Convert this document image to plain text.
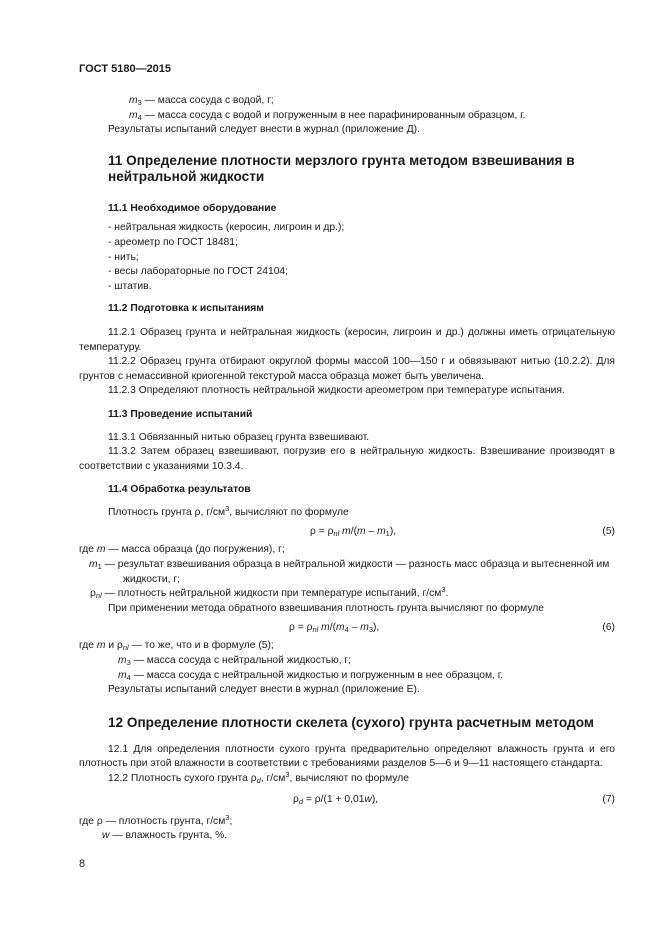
ГОСТ 5180—2015

$m_3$ — масса сосуда с водой, г;

$m_4$ — масса сосуда с водой и погруженным в нее парафинированным образцом, г.

Результаты испытаний следует внести в журнал (приложение Д).

11 Определение плотности мерзлого грунта методом взвешивания в нейтральной жидкости
11.1 Необходимое оборудование

- нейтральная жидкость (керосин, лигроин и др.);

- ареометр по ГОСТ 18481;

- нить;

- весы лабораторные по ГОСТ 24104;

- штатив.

11.2 Подготовка к испытаниям

11.2.1 Образец грунта и нейтральная жидкость (керосин, лигроин и др.) должны иметь отрицательную температуру.

11.2.2 Образец грунта отбирают округлой формы массой 100—150 г и обвязывают нитью (10.2.2). Для грунтов с немассивной криогенной текстурой масса образца может быть увеличена.

11.2.3 Определяют плотность нейтральной жидкости ареометром при температуре испытания.

11.3 Проведение испытаний

11.3.1 Обвязанный нитью образец грунта взвешивают.

11.3.2 Затем образец взвешивают, погрузив его в нейтральную жидкость. Взвешивание производят в соответствии с указаниями 10.3.4.

11.4 Обработка результатов

Плотность грунта ρ, $г/см^3$, вычисляют по формуле

$\rho = \rho_{nl}$ $m/(m - m_1)$,	(5)

где m — масса образца (до погружения), г;

$m_1$ — результат взвешивания образца в нейтральной жидкости — разность масс образца и вытесненной им жидкости, г;

$\rho_{nl}$ — плотность нейтральной жидкости при температуре испытаний, $г/см^3$.

При применении метода обратного взвешивания плотность грунта вычисляют по формуле

$\rho = \rho_{nl}$ $m/(m_4 - m_3)$,	(6)

где m и $\rho_{nl}$ — то же, что и в формуле (5);

$m_3$ — масса сосуда с нейтральной жидкостью, г;

$m_4$ — масса сосуда с нейтральной жидкостью и погруженным в нее образцом, г.

Результаты испытаний следует внести в журнал (приложение Е).

12 Определение плотности скелета (сухого) грунта расчетным методом

12.1 Для определения плотности сухого грунта предварительно определяют влажность грунта и его плотность при этой влажности в соответствии с требованиями разделов 5—6 и 9—11 настоящего стандарта.

12.2 Плотность сухого грунта $\rho_d$, $г/см^3$, вычисляют по формуле

$\rho_d = \rho/(1 + 0,01w)$,	(7)

где ρ — плотность грунта, $г/см^3$;

w — влажность грунта, %.

8
